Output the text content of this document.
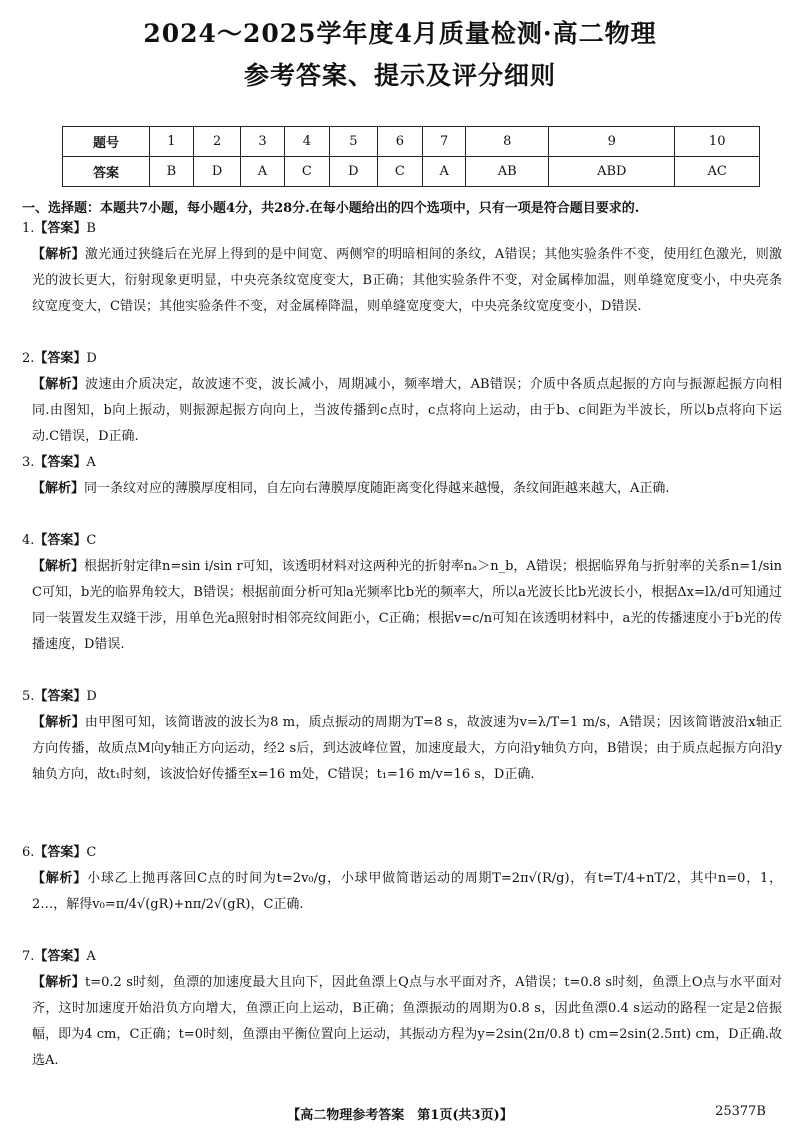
2024～2025学年度4月质量检测·高二物理
参考答案、提示及评分细则
题号	1	2	3	4	5	6	7	8	9	10
答案	B	D	A	C	D	C	A	AB	ABD	AC
一、选择题：本题共7小题，每小题4分，共28分.在每小题给出的四个选项中，只有一项是符合题目要求的.
1.【答案】B

【解析】激光通过狭缝后在光屏上得到的是中间宽、两侧窄的明暗相间的条纹，A错误；其他实验条件不变，使用红色激光，则激光的波长更大，衍射现象更明显，中央亮条纹宽度变大，B正确；其他实验条件不变，对金属棒加温，则单缝宽度变小，中央亮条纹宽度变大，C错误；其他实验条件不变，对金属棒降温，则单缝宽度变大，中央亮条纹宽度变小，D错误.

2.【答案】D

【解析】波速由介质决定，故波速不变，波长减小，周期减小，频率增大，AB错误；介质中各质点起振的方向与振源起振方向相同.由图知，b向上振动，则振源起振方向向上，当波传播到c点时，c点将向上运动，由于b、c间距为半波长，所以b点将向下运动.C错误，D正确.

3.【答案】A

【解析】同一条纹对应的薄膜厚度相同，自左向右薄膜厚度随距离变化得越来越慢，条纹间距越来越大，A正确.

4.【答案】C

【解析】根据折射定律n=sin i/sin r可知，该透明材料对这两种光的折射率nₐ＞n_b，A错误；根据临界角与折射率的关系n=1/sin C可知，b光的临界角较大，B错误；根据前面分析可知a光频率比b光的频率大，所以a光波长比b光波长小，根据Δx=lλ/d可知通过同一装置发生双缝干涉，用单色光a照射时相邻亮纹间距小，C正确；根据v=c/n可知在该透明材料中，a光的传播速度小于b光的传播速度，D错误.

5.【答案】D

【解析】由甲图可知，该简谐波的波长为8 m，质点振动的周期为T=8 s，故波速为v=λ/T=1 m/s，A错误；因该简谐波沿x轴正方向传播，故质点M向y轴正方向运动，经2 s后，到达波峰位置，加速度最大，方向沿y轴负方向，B错误；由于质点起振方向沿y轴负方向，故t₁时刻，该波恰好传播至x=16 m处，C错误；t₁=16 m/v=16 s，D正确.

6.【答案】C

【解析】小球乙上抛再落回C点的时间为t=2v₀/g，小球甲做简谐运动的周期T=2π√(R/g)，有t=T/4+nT/2，其中n=0，1，2…，解得v₀=π/4√(gR)+nπ/2√(gR)，C正确.

7.【答案】A

【解析】t=0.2 s时刻，鱼漂的加速度最大且向下，因此鱼漂上Q点与水平面对齐，A错误；t=0.8 s时刻，鱼漂上O点与水平面对齐，这时加速度开始沿负方向增大，鱼漂正向上运动，B正确；鱼漂振动的周期为0.8 s，因此鱼漂0.4 s运动的路程一定是2倍振幅，即为4 cm，C正确；t=0时刻，鱼漂由平衡位置向上运动，其振动方程为y=2sin(2π/0.8 t) cm=2sin(2.5πt) cm，D正确.故选A.

【高二物理参考答案　第1页(共3页)】	25377B
